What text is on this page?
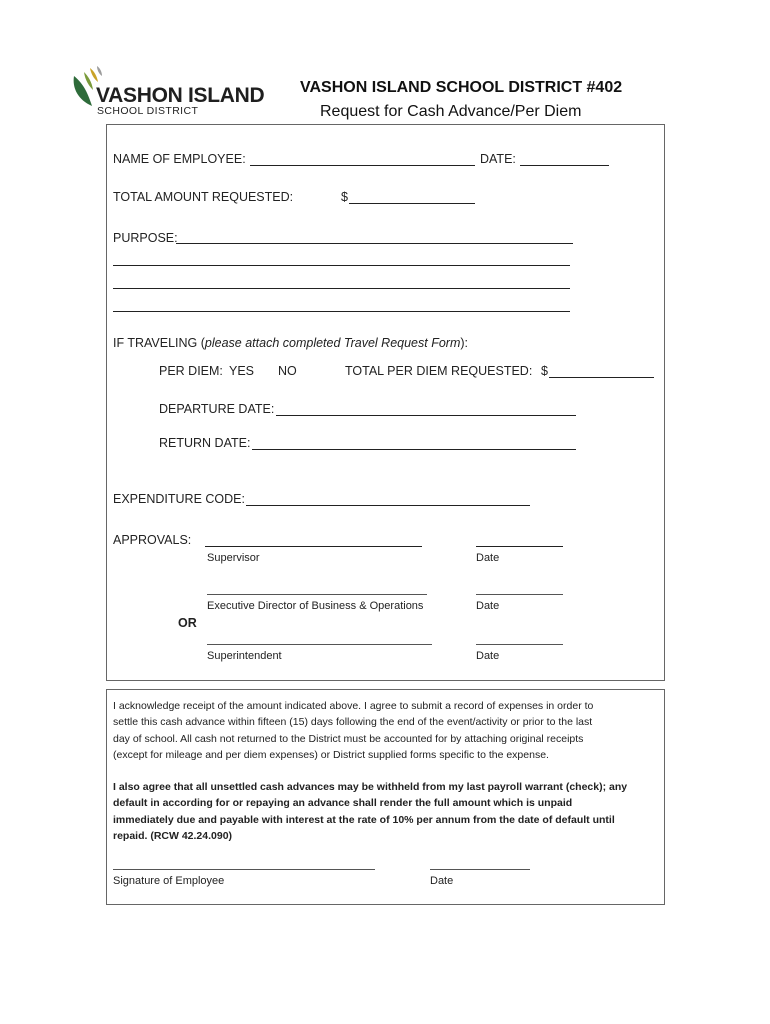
VASHON ISLAND
SCHOOL DISTRICT
VASHON ISLAND SCHOOL DISTRICT #402
Request for Cash Advance/Per Diem
NAME OF EMPLOYEE:	DATE:
TOTAL AMOUNT REQUESTED:	$
PURPOSE:
IF TRAVELING (please attach completed Travel Request Form):
PER DIEM: YES NO	TOTAL PER DIEM REQUESTED: $
DEPARTURE DATE:
RETURN DATE:
EXPENDITURE CODE:
APPROVALS:
Supervisor	Date
Executive Director of Business & Operations	Date
OR
Superintendent	Date
I acknowledge receipt of the amount indicated above. I agree to submit a record of expenses in order to
settle this cash advance within fifteen (15) days following the end of the event/activity or prior to the last
day of school. All cash not returned to the District must be accounted for by attaching original receipts
(except for mileage and per diem expenses) or District supplied forms specific to the expense.
I also agree that all unsettled cash advances may be withheld from my last payroll warrant (check); any
default in according for or repaying an advance shall render the full amount which is unpaid
immediately due and payable with interest at the rate of 10% per annum from the date of default until
repaid. (RCW 42.24.090)
Signature of Employee	Date
